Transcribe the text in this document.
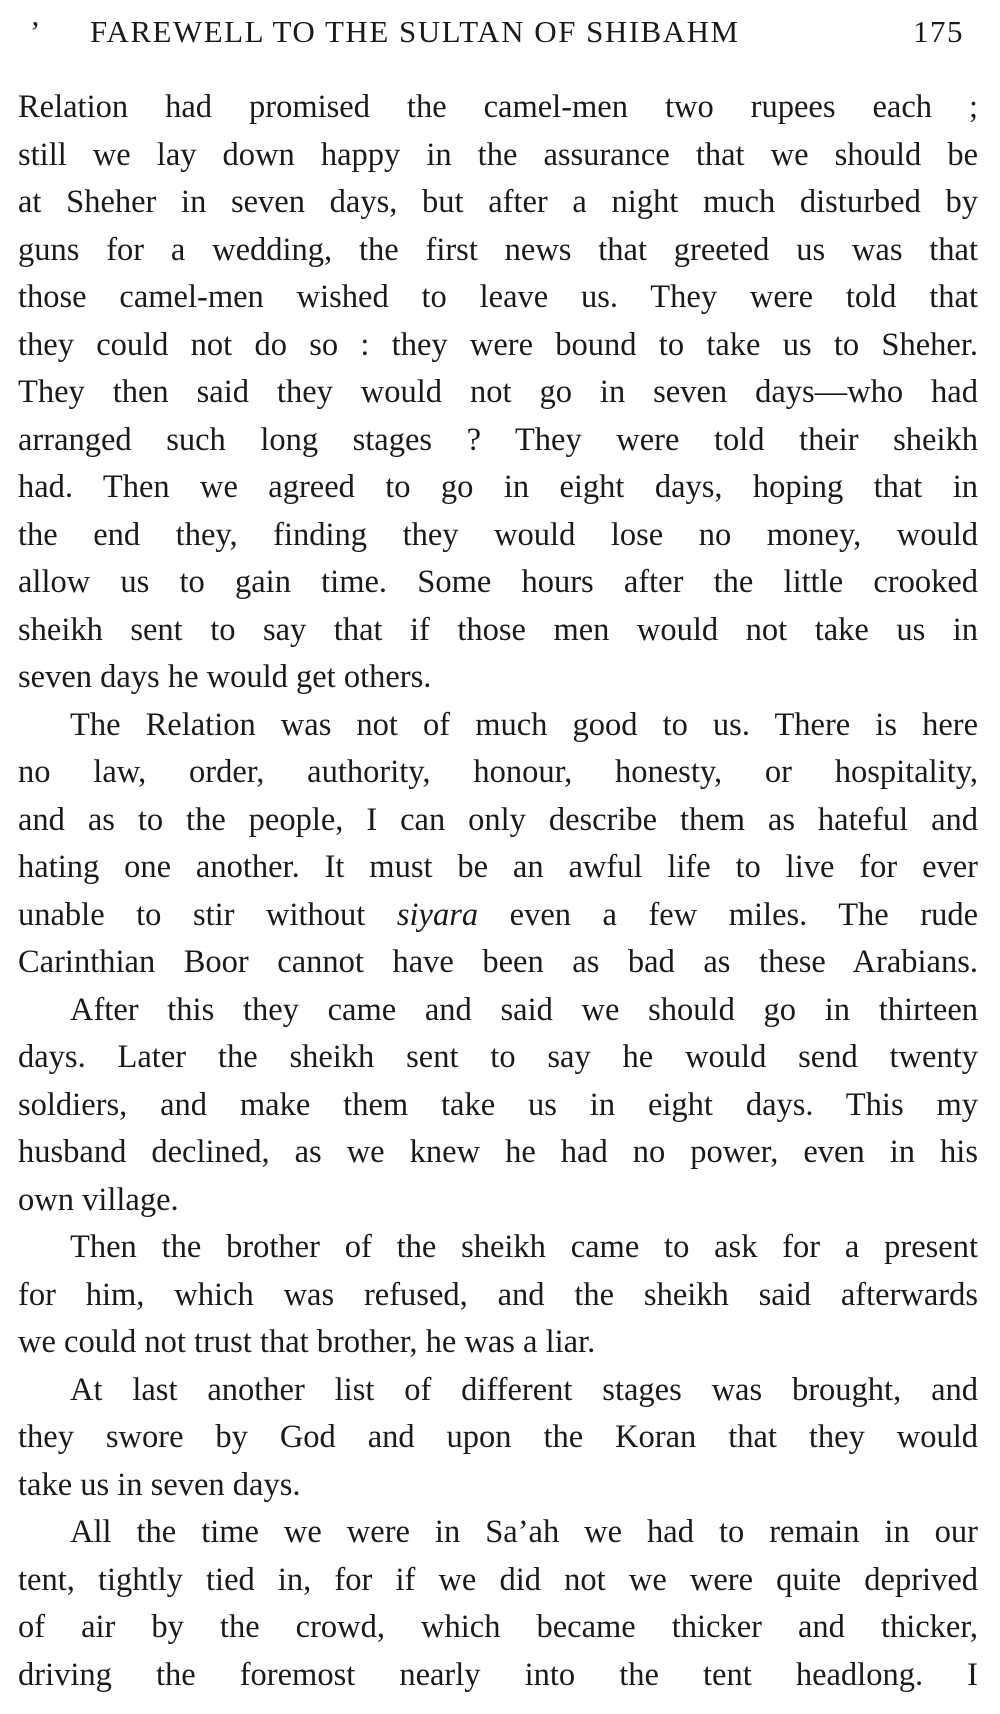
’ FAREWELL TO THE SULTAN OF SHIBAHM	175
Relation had promised the camel-men two rupees each ;
still we lay down happy in the assurance that we should be
at Sheher in seven days, but after a night much disturbed by
guns for a wedding, the first news that greeted us was that
those camel-men wished to leave us. They were told that
they could not do so : they were bound to take us to Sheher.
They then said they would not go in seven days—who had
arranged such long stages ? They were told their sheikh
had. Then we agreed to go in eight days, hoping that in
the end they, finding they would lose no money, would
allow us to gain time. Some hours after the little crooked
sheikh sent to say that if those men would not take us in
seven days he would get others.
The Relation was not of much good to us. There is here
no law, order, authority, honour, honesty, or hospitality,
and as to the people, I can only describe them as hateful and
hating one another. It must be an awful life to live for ever
unable to stir without siyara even a few miles. The rude
Carinthian Boor cannot have been as bad as these Arabians.
After this they came and said we should go in thirteen
days. Later the sheikh sent to say he would send twenty
soldiers, and make them take us in eight days. This my
husband declined, as we knew he had no power, even in his
own village.
Then the brother of the sheikh came to ask for a present
for him, which was refused, and the sheikh said afterwards
we could not trust that brother, he was a liar.
At last another list of different stages was brought, and
they swore by God and upon the Koran that they would
take us in seven days.
All the time we were in Sa’ah we had to remain in our
tent, tightly tied in, for if we did not we were quite deprived
of air by the crowd, which became thicker and thicker,
driving the foremost nearly into the tent headlong. I
